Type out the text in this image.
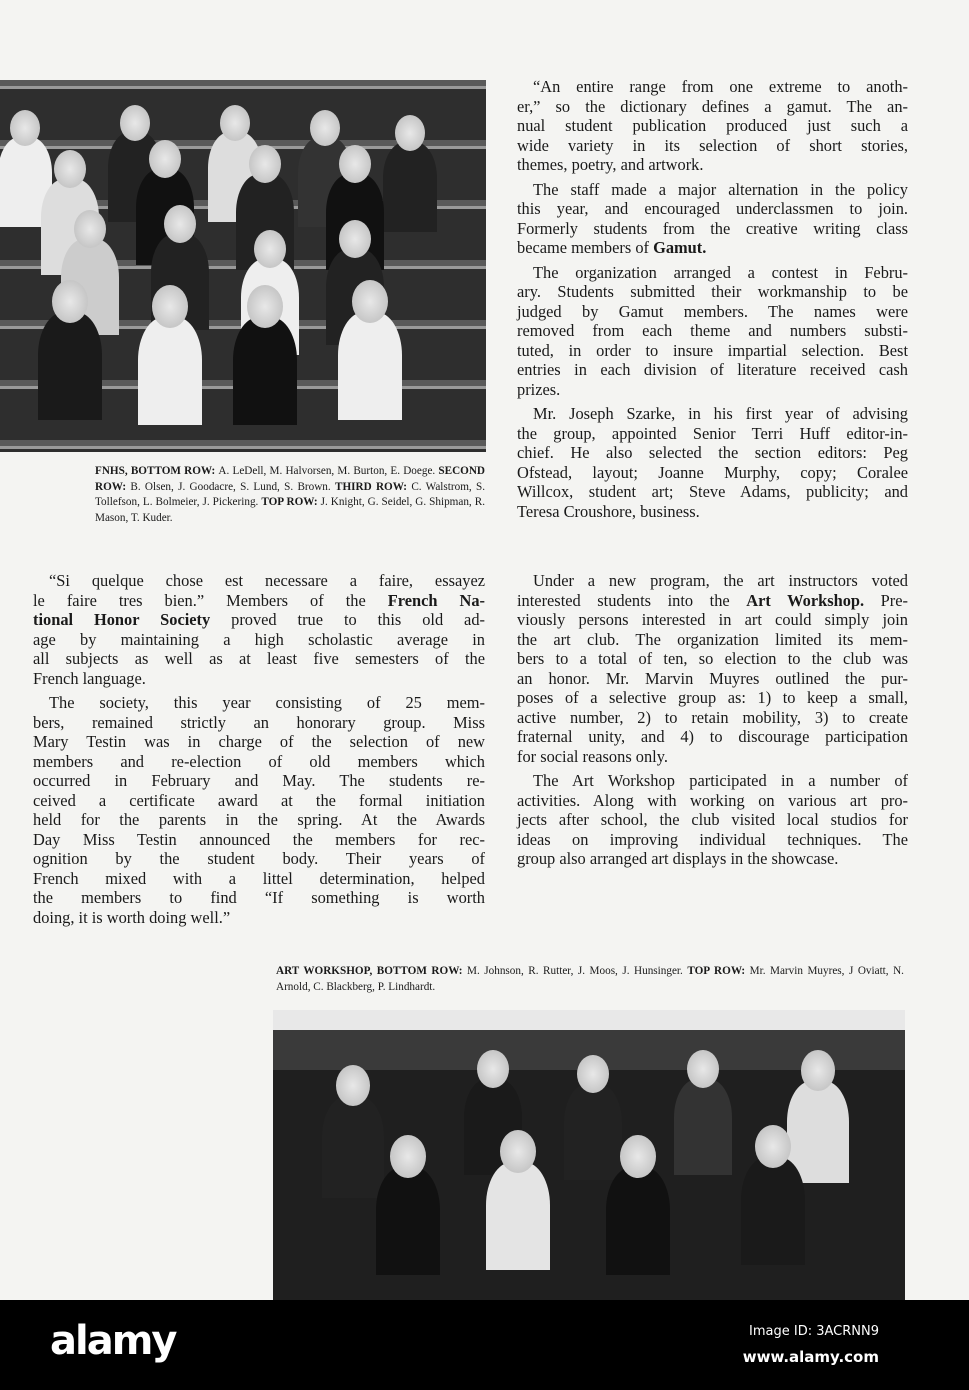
FNHS, BOTTOM ROW: A. LeDell, M. Halvorsen, M. Burton, E. Doege. SECOND ROW: B. Olsen, J. Goodacre, S. Lund, S. Brown. THIRD ROW: C. Walstrom, S. Tollefson, L. Bolmeier, J. Pickering. TOP ROW: J. Knight, G. Seidel, G. Shipman, R. Mason, T. Kuder.
“An entire range from one extreme to anoth-
er,” so the dictionary defines a gamut. The an-
nual student publication produced just such a
wide variety in its selection of short stories,
themes, poetry, and artwork.
The staff made a major alternation in the policy
this year, and encouraged underclassmen to join.
Formerly students from the creative writing class
became members of Gamut.
The organization arranged a contest in Febru-
ary. Students submitted their workmanship to be
judged by Gamut members. The names were
removed from each theme and numbers substi-
tuted, in order to insure impartial selection. Best
entries in each division of literature received cash
prizes.
Mr. Joseph Szarke, in his first year of advising
the group, appointed Senior Terri Huff editor-in-
chief. He also selected the section editors: Peg
Ofstead, layout; Joanne Murphy, copy; Coralee
Willcox, student art; Steve Adams, publicity; and
Teresa Croushore, business.
“Si quelque chose est necessare a faire, essayez
le faire tres bien.” Members of the French Na-
tional Honor Society proved true to this old ad-
age by maintaining a high scholastic average in
all subjects as well as at least five semesters of the
French language.
The society, this year consisting of 25 mem-
bers, remained strictly an honorary group. Miss
Mary Testin was in charge of the selection of new
members and re-election of old members which
occurred in February and May. The students re-
ceived a certificate award at the formal initiation
held for the parents in the spring. At the Awards
Day Miss Testin announced the members for rec-
ognition by the student body. Their years of
French mixed with a littel determination, helped
the members to find “If something is worth
doing, it is worth doing well.”
Under a new program, the art instructors voted
interested students into the Art Workshop. Pre-
viously persons interested in art could simply join
the art club. The organization limited its mem-
bers to a total of ten, so election to the club was
an honor. Mr. Marvin Muyres outlined the pur-
poses of a selective group as: 1) to keep a small,
active number, 2) to retain mobility, 3) to create
fraternal unity, and 4) to discourage participation
for social reasons only.
The Art Workshop participated in a number of
activities. Along with working on various art pro-
jects after school, the club visited local studios for
ideas on improving individual techniques. The
group also arranged art displays in the showcase.
ART WORKSHOP, BOTTOM ROW: M. Johnson, R. Rutter, J. Moos, J. Hunsinger. TOP ROW: Mr. Marvin Muyres, J Oviatt, N. Arnold, C. Blackberg, P. Lindhardt.
alamy	Image ID: 3ACRNN9
www.alamy.com
